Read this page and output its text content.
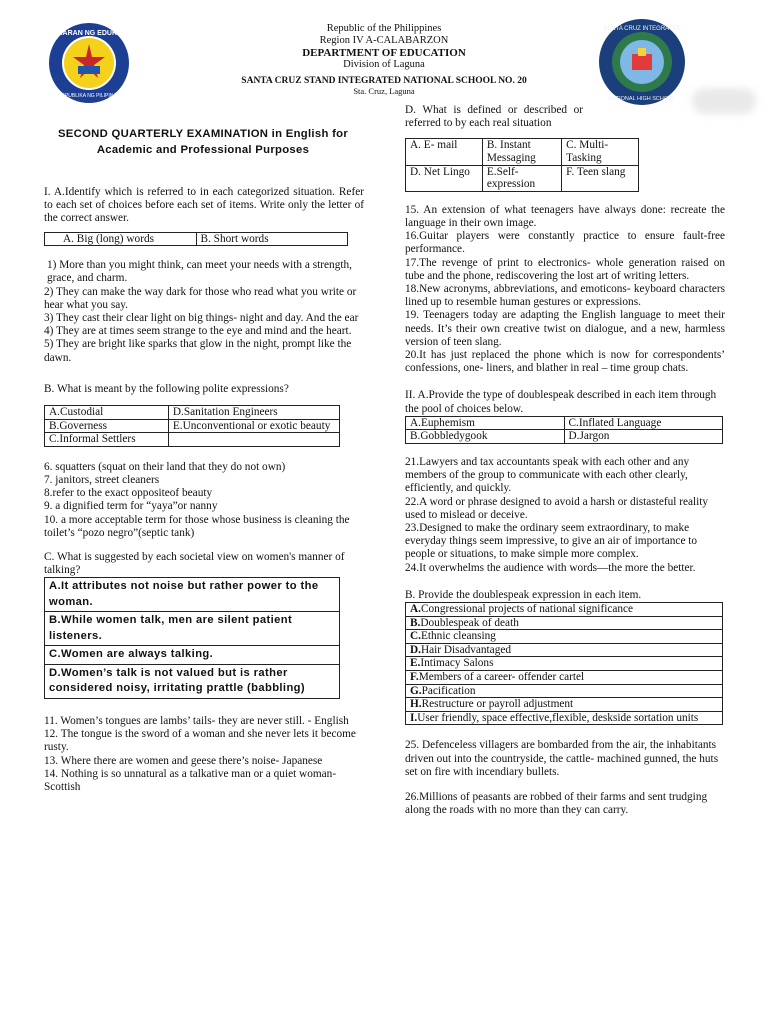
KAGAWARAN NG EDUKASYON
REPUBLIKA NG PILIPINAS
SANTA CRUZ INTEGRATED
NATIONAL HIGH SCHOOL
Republic of the Philippines
Region IV A-CALABARZON
DEPARTMENT OF EDUCATION
Division of Laguna
SANTA CRUZ STAND INTEGRATED NATIONAL SCHOOL NO. 20
Sta. Cruz, Laguna
SECOND QUARTERLY EXAMINATION in English for Academic and Professional Purposes

I. A.Identify which is referred to in each categorized situation. Refer to each set of choices before each set of items. Write only the letter of the correct answer.

A. Big (long) words	B. Short words

1) More than you might think, can meet your needs with a strength, grace, and charm.

2) They can make the way dark for those who read what you write or hear what you say.

3) They cast their clear light on big things- night and day. And the ear

4) They are at times seem strange to the eye and mind and the heart.

5) They are bright like sparks that glow in the night, prompt like the dawn.

B. What is meant by the following polite expressions?

A.Custodial	D.Sanitation Engineers
B.Governess	E.Unconventional or exotic beauty
C.Informal Settlers	

6. squatters (squat on their land that they do not own)

7. janitors, street cleaners

8.refer to the exact oppositeof beauty

9. a dignified term for “yaya”or nanny

10. a more acceptable term for those whose business is cleaning the toilet’s “pozo negro”(septic tank)

C. What is suggested by each societal view on women's manner of talking?

A.It attributes not noise but rather power to the woman.
B.While women talk, men are silent patient listeners.
C.Women are always talking.
D.Women’s talk is not valued but is rather considered noisy, irritating prattle (babbling)

11. Women’s tongues are lambs’ tails- they are never still. - English

12. The tongue is the sword of a woman and she never lets it become rusty.

13. Where there are women and geese there’s noise- Japanese

14. Nothing is so unnatural as a talkative man or a quiet woman- Scottish

D. What is defined or described or referred to by each real situation

A. E- mail	B. Instant Messaging	C. Multi-Tasking
D. Net Lingo	E.Self-expression	F. Teen slang

15. An extension of what teenagers have always done: recreate the language in their own image.

16.Guitar players were constantly practice to ensure fault-free performance.

17.The revenge of print to electronics- whole generation raised on tube and the phone, rediscovering the lost art of writing letters.

18.New acronyms, abbreviations, and emoticons- keyboard characters lined up to resemble human gestures or expressions.

19. Teenagers today are adapting the English language to meet their needs. It’s their own creative twist on dialogue, and a new, harmless version of teen slang.

20.It has just replaced the phone which is now for correspondents’ confessions, one- liners, and blather in real – time group chats.

II. A.Provide the type of doublespeak described in each item through the pool of choices below.

A.Euphemism	C.Inflated Language
B.Gobbledygook	D.Jargon

21.Lawyers and tax accountants speak with each other and any members of the group to communicate with each other clearly, efficiently, and quickly.

22.A word or phrase designed to avoid a harsh or distasteful reality used to mislead or deceive.

23.Designed to make the ordinary seem extraordinary, to make everyday things seem impressive, to give an air of importance to people or situations, to make simple more complex.

24.It overwhelms the audience with words—the more the better.

B. Provide the doublespeak expression in each item.

A.Congressional projects of national significance
B.Doublespeak of death
C.Ethnic cleansing
D.Hair Disadvantaged
E.Intimacy Salons
F.Members of a career- offender cartel
G.Pacification
H.Restructure or payroll adjustment
I.User friendly, space effective,flexible, deskside sortation units

25. Defenceless villagers are bombarded from the air, the inhabitants driven out into the countryside, the cattle- machined gunned, the huts set on fire with incendiary bullets.

26.Millions of peasants are robbed of their farms and sent trudging along the roads with no more than they can carry.
